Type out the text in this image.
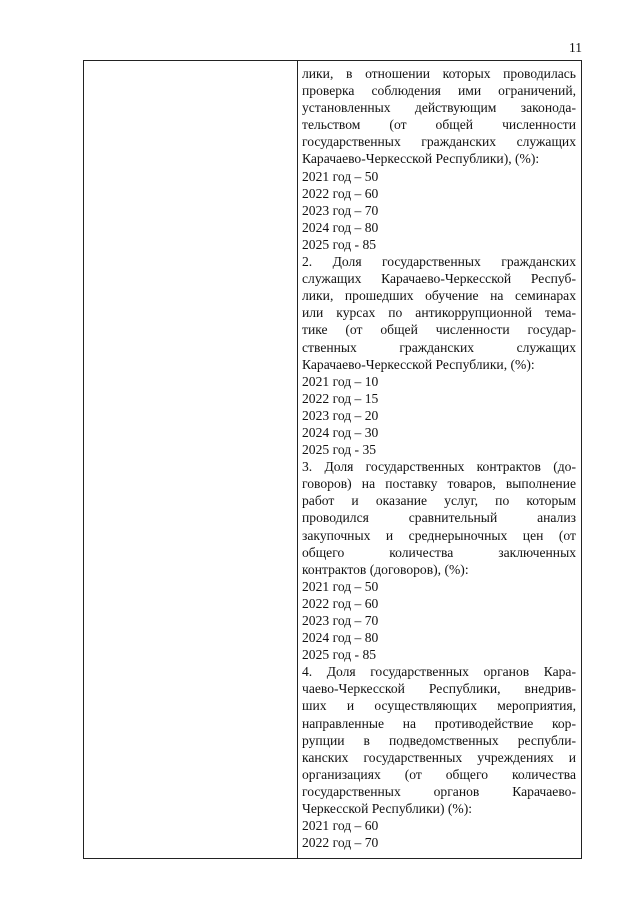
11
лики, в отношении которых проводилась
проверка соблюдения ими ограничений,
установленных действующим законода-
тельством (от общей численности
государственных гражданских служащих
Карачаево-Черкесской Республики), (%):
2021 год – 50
2022 год – 60
2023 год – 70
2024 год – 80
2025 год - 85
2. Доля государственных гражданских
служащих Карачаево-Черкесской Респуб-
лики, прошедших обучение на семинарах
или курсах по антикоррупционной тема-
тике (от общей численности государ-
ственных гражданских служащих
Карачаево-Черкесской Республики, (%):
2021 год – 10
2022 год – 15
2023 год – 20
2024 год – 30
2025 год - 35
3. Доля государственных контрактов (до-
говоров) на поставку товаров, выполнение
работ и оказание услуг, по которым
проводился сравнительный анализ
закупочных и среднерыночных цен (от
общего количества заключенных
контрактов (договоров), (%):
2021 год – 50
2022 год – 60
2023 год – 70
2024 год – 80
2025 год - 85
4. Доля государственных органов Кара-
чаево-Черкесской Республики, внедрив-
ших и осуществляющих мероприятия,
направленные на противодействие кор-
рупции в подведомственных республи-
канских государственных учреждениях и
организациях (от общего количества
государственных органов Карачаево-
Черкесской Республики) (%):
2021 год – 60
2022 год – 70
